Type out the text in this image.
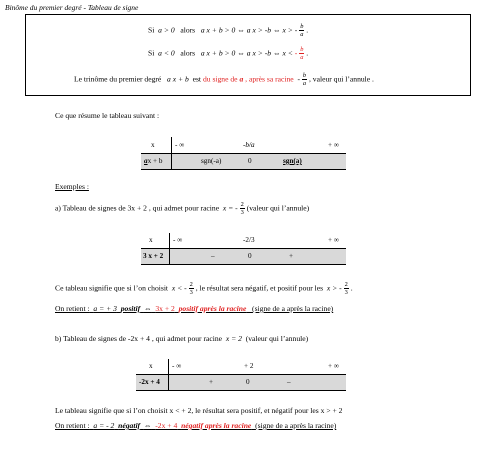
Binôme du premier degré - Tableau de signe
Si a > 0 alors a x + b > 0 ⇔ a x > -b ⇔ x > - $\frac{b}{a}$ .
Si a < 0 alors a x + b > 0 ⇔ a x > -b ⇔ x < - $\frac{b}{a}$ .
Le trinôme du premier degré a x + b est du signe de a , après sa racine - $\frac{b}{a}$ , valeur qui l’annule .
Ce que résume le tableau suivant :
x	- ∞	-b/a	+ ∞
ax + b	sgn(-a)	0	sgn(a)
Exemples :
a) Tableau de signes de 3x + 2 , qui admet pour racine x = - $\frac{2}{3}$ (valeur qui l’annule)
x	- ∞	-2/3	+ ∞
3 x + 2	–	0	+
Ce tableau signifie que si l’on choisit x < - $\frac{2}{3}$ , le résultat sera négatif, et positif pour les x > - $\frac{2}{3}$ .
On retient : a = + 3 positif ⇔ 3x + 2 positif après la racine (signe de a après la racine)
b) Tableau de signes de -2x + 4 , qui admet pour racine x = 2 (valeur qui l’annule)
x	- ∞	+ 2	+ ∞
-2x + 4	+	0	–
Le tableau signifie que si l’on choisit x < + 2, le résultat sera positif, et négatif pour les x > + 2
On retient : a = - 2 négatif ⇔ -2x + 4 négatif après la racine (signe de a après la racine)
